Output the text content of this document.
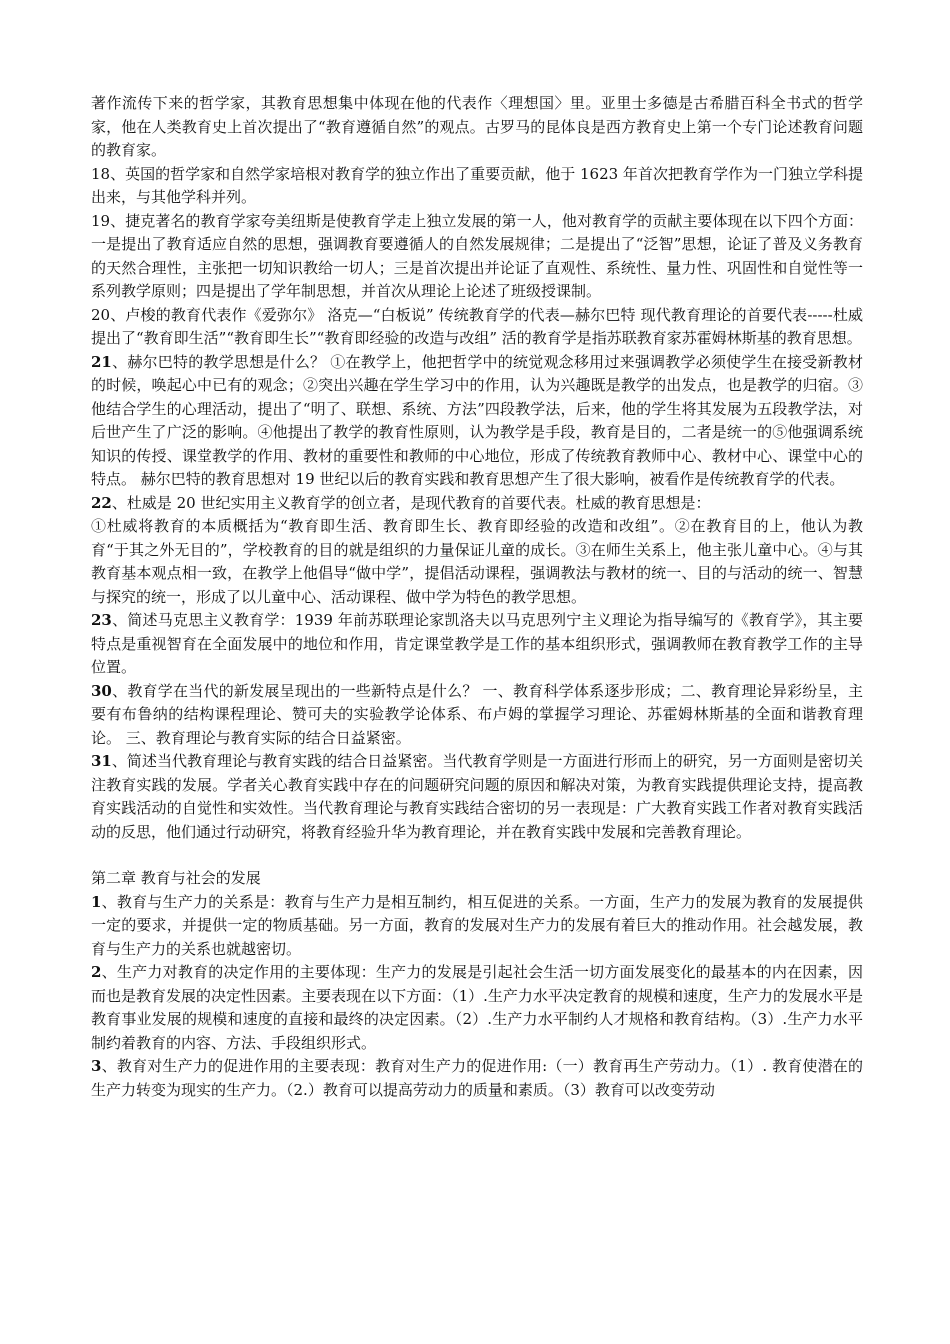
著作流传下来的哲学家，其教育思想集中体现在他的代表作〈理想国〉里。亚里士多德是古希腊百科全书式的哲学家，他在人类教育史上首次提出了“教育遵循自然”的观点。古罗马的昆体良是西方教育史上第一个专门论述教育问题的教育家。

18、英国的哲学家和自然学家培根对教育学的独立作出了重要贡献，他于 1623 年首次把教育学作为一门独立学科提出来，与其他学科并列。

19、捷克著名的教育学家夸美纽斯是使教育学走上独立发展的第一人，他对教育学的贡献主要体现在以下四个方面：一是提出了教育适应自然的思想，强调教育要遵循人的自然发展规律；二是提出了“泛智”思想，论证了普及义务教育的天然合理性，主张把一切知识教给一切人；三是首次提出并论证了直观性、系统性、量力性、巩固性和自觉性等一系列教学原则；四是提出了学年制思想，并首次从理论上论述了班级授课制。

20、卢梭的教育代表作《爱弥尔》 洛克—“白板说” 传统教育学的代表—赫尔巴特 现代教育理论的首要代表-----杜威提出了“教育即生活”“教育即生长”“教育即经验的改造与改组” 活的教育学是指苏联教育家苏霍姆林斯基的教育思想。

21、赫尔巴特的教学思想是什么？ ①在教学上，他把哲学中的统觉观念移用过来强调教学必须使学生在接受新教材的时候，唤起心中已有的观念；②突出兴趣在学生学习中的作用，认为兴趣既是教学的出发点，也是教学的归宿。③他结合学生的心理活动，提出了“明了、联想、系统、方法”四段教学法，后来，他的学生将其发展为五段教学法，对后世产生了广泛的影响。④他提出了教学的教育性原则，认为教学是手段，教育是目的，二者是统一的⑤他强调系统知识的传授、课堂教学的作用、教材的重要性和教师的中心地位，形成了传统教育教师中心、教材中心、课堂中心的特点。 赫尔巴特的教育思想对 19 世纪以后的教育实践和教育思想产生了很大影响，被看作是传统教育学的代表。

22、杜威是 20 世纪实用主义教育学的创立者，是现代教育的首要代表。杜威的教育思想是：

①杜威将教育的本质概括为“教育即生活、教育即生长、教育即经验的改造和改组”。②在教育目的上，他认为教育“于其之外无目的”，学校教育的目的就是组织的力量保证儿童的成长。③在师生关系上，他主张儿童中心。④与其教育基本观点相一致，在教学上他倡导“做中学”，提倡活动课程，强调教法与教材的统一、目的与活动的统一、智慧与探究的统一，形成了以儿童中心、活动课程、做中学为特色的教学思想。

23、简述马克思主义教育学：1939 年前苏联理论家凯洛夫以马克思列宁主义理论为指导编写的《教育学》，其主要特点是重视智育在全面发展中的地位和作用，肯定课堂教学是工作的基本组织形式，强调教师在教育教学工作的主导位置。

30、教育学在当代的新发展呈现出的一些新特点是什么？ 一、教育科学体系逐步形成；二、教育理论异彩纷呈，主要有布鲁纳的结构课程理论、赞可夫的实验教学论体系、布卢姆的掌握学习理论、苏霍姆林斯基的全面和谐教育理论。 三、教育理论与教育实际的结合日益紧密。

31、简述当代教育理论与教育实践的结合日益紧密。当代教育学则是一方面进行形而上的研究，另一方面则是密切关注教育实践的发展。学者关心教育实践中存在的问题研究问题的原因和解决对策，为教育实践提供理论支持，提高教育实践活动的自觉性和实效性。当代教育理论与教育实践结合密切的另一表现是：广大教育实践工作者对教育实践活动的反思，他们通过行动研究，将教育经验升华为教育理论，并在教育实践中发展和完善教育理论。

第二章 教育与社会的发展

1、教育与生产力的关系是：教育与生产力是相互制约，相互促进的关系。一方面，生产力的发展为教育的发展提供一定的要求，并提供一定的物质基础。另一方面，教育的发展对生产力的发展有着巨大的推动作用。社会越发展，教育与生产力的关系也就越密切。

2、生产力对教育的决定作用的主要体现：生产力的发展是引起社会生活一切方面发展变化的最基本的内在因素，因而也是教育发展的决定性因素。主要表现在以下方面：（1）.生产力水平决定教育的规模和速度，生产力的发展水平是教育事业发展的规模和速度的直接和最终的决定因素。（2）.生产力水平制约人才规格和教育结构。（3）.生产力水平制约着教育的内容、方法、手段组织形式。

3、教育对生产力的促进作用的主要表现：教育对生产力的促进作用:（一）教育再生产劳动力。（1）. 教育使潜在的生产力转变为现实的生产力。（2.）教育可以提高劳动力的质量和素质。（3）教育可以改变劳动
